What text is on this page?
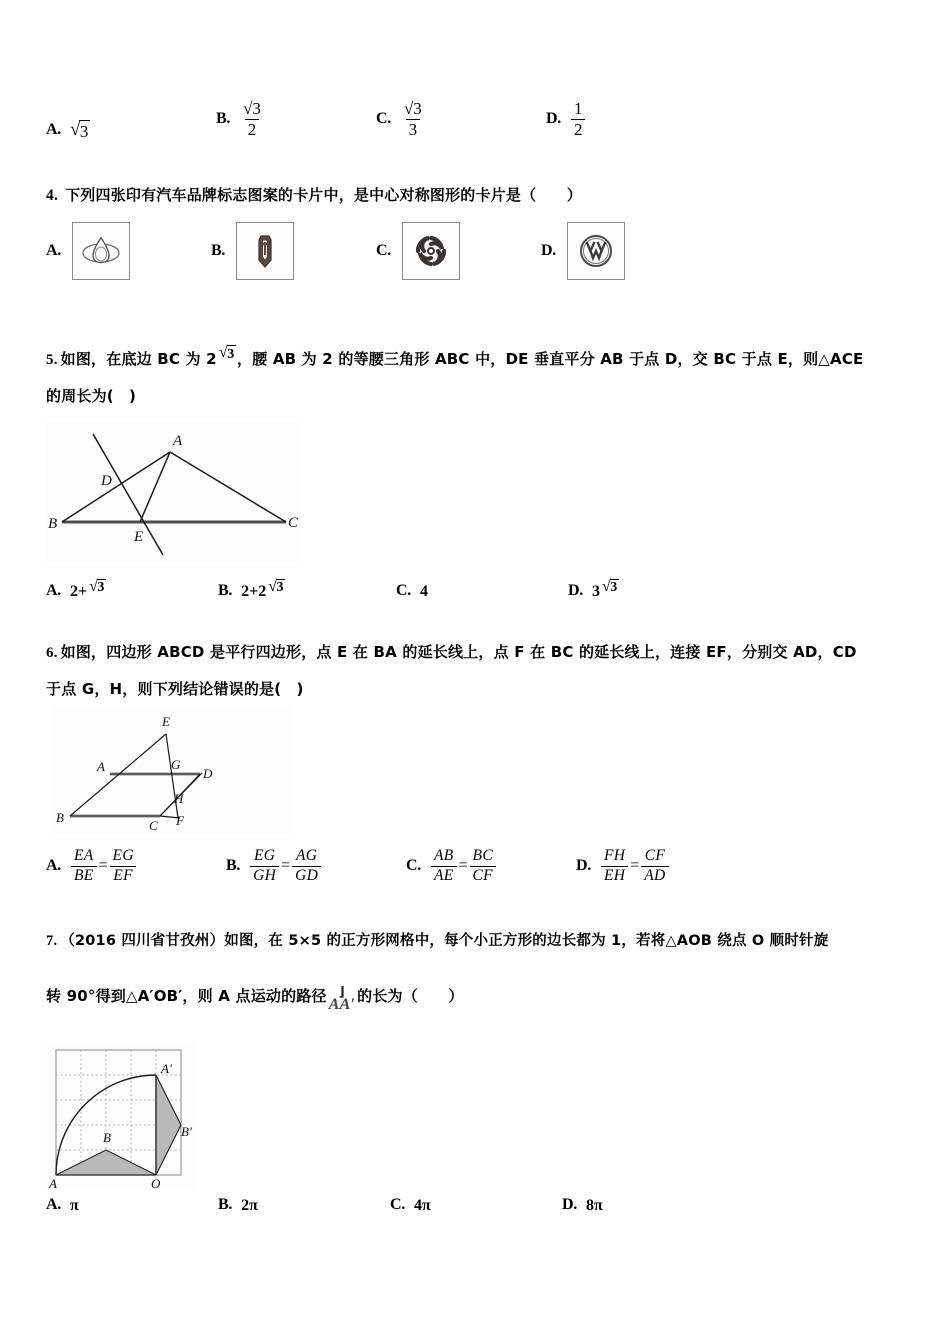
A. √ 3
B. $\frac{√3}{2}$	C. $\frac{√3}{3}$	D. $\frac{1}{2}$
4. 下列四张印有汽车品牌标志图案的卡片中，是中心对称图形的卡片是（　　）
A.	B.	C.	D.
5. 如图，在底边 BC 为 2 √ 3 ，腰 AB 为 2 的等腰三角形 ABC 中，DE 垂直平分 AB 于点 D，交 BC 于点 E，则△ACE
的周长为(　)
A
B	C
D
E
A. 2+ √ 3	B. 2+2 √ 3	C. 4	D. 3 √ 3
6. 如图，四边形 ABCD 是平行四边形，点 E 在 BA 的延长线上，点 F 在 BC 的延长线上，连接 EF，分别交 AD，CD
于点 G，H，则下列结论错误的是(　)
E
A	G
D
B
H
F
C
A. $\frac{EA}{BE} = \frac{EG}{EF}$	B. $\frac{EG}{GH} = \frac{AG}{GD}$	C. $\frac{AB}{AE} = \frac{BC}{CF}$	D. $\frac{FH}{EH} = \frac{CF}{AD}$
7. （2016 四川省甘孜州）如图，在 5×5 的正方形网格中，每个小正方形的边长都为 1，若将△AOB 绕点 O 顺时针旋
转 90°得到△A′OB′，则 A 点运动的路径 ⌋
AA′ 的长为（　　）
A	O
B
A'
B'
A. π	B. 2π	C. 4π	D. 8π
